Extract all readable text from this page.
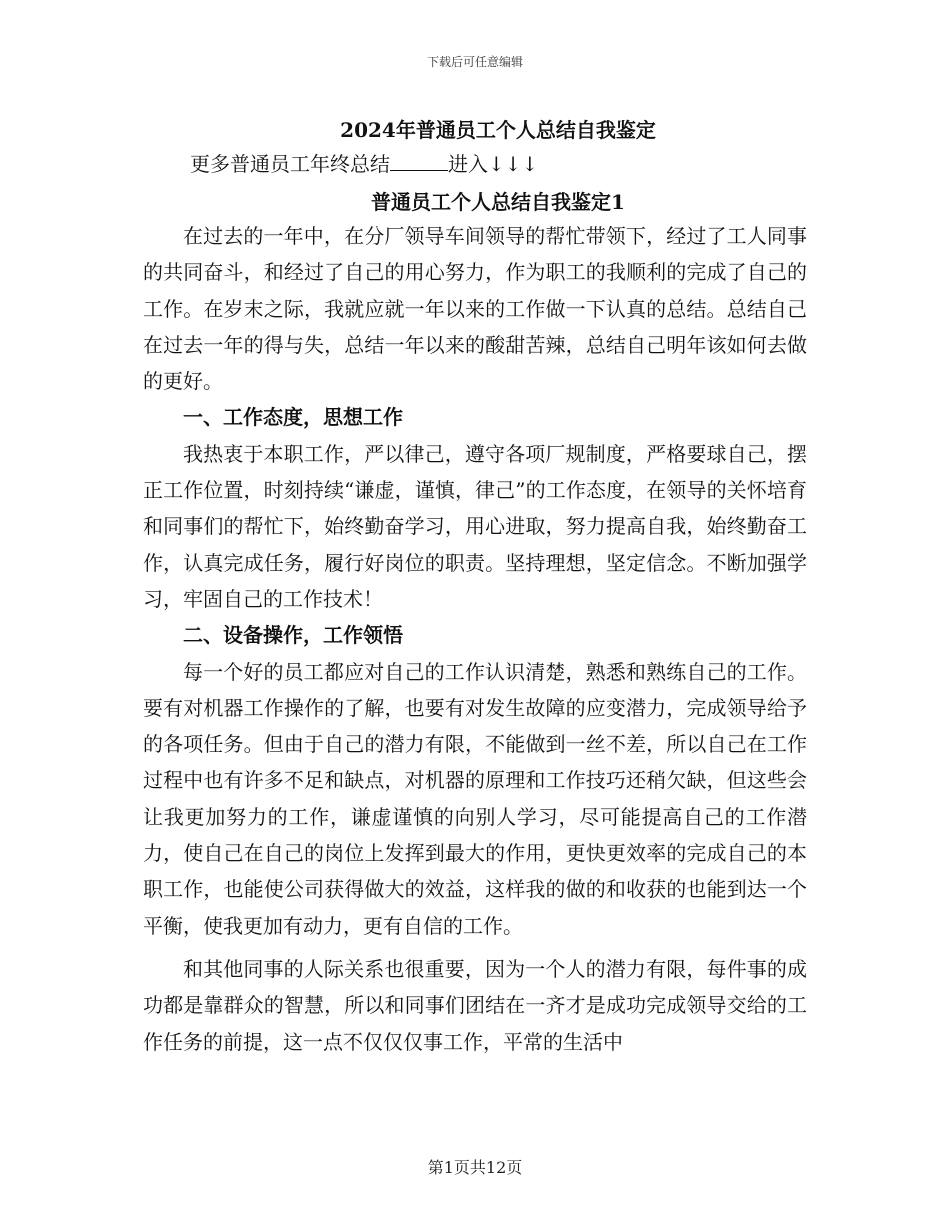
下载后可任意编辑
2024年普通员工个人总结自我鉴定
更多普通员工年终总结	进入↓↓↓
普通员工个人总结自我鉴定1

在过去的一年中，在分厂领导车间领导的帮忙带领下，经过了工人同事的共同奋斗，和经过了自己的用心努力，作为职工的我顺利的完成了自己的工作。在岁末之际，我就应就一年以来的工作做一下认真的总结。总结自己在过去一年的得与失，总结一年以来的酸甜苦辣，总结自己明年该如何去做的更好。

一、工作态度，思想工作

我热衷于本职工作，严以律己，遵守各项厂规制度，严格要球自己，摆正工作位置，时刻持续“谦虚，谨慎，律己”的工作态度，在领导的关怀培育和同事们的帮忙下，始终勤奋学习，用心进取，努力提高自我，始终勤奋工作，认真完成任务，履行好岗位的职责。坚持理想，坚定信念。不断加强学习，牢固自己的工作技术！

二、设备操作，工作领悟

每一个好的员工都应对自己的工作认识清楚，熟悉和熟练自己的工作。要有对机器工作操作的了解，也要有对发生故障的应变潜力，完成领导给予的各项任务。但由于自己的潜力有限，不能做到一丝不差，所以自己在工作过程中也有许多不足和缺点，对机器的原理和工作技巧还稍欠缺，但这些会让我更加努力的工作，谦虚谨慎的向别人学习，尽可能提高自己的工作潜力，使自己在自己的岗位上发挥到最大的作用，更快更效率的完成自己的本职工作，也能使公司获得做大的效益，这样我的做的和收获的也能到达一个平衡，使我更加有动力，更有自信的工作。

和其他同事的人际关系也很重要，因为一个人的潜力有限，每件事的成功都是靠群众的智慧，所以和同事们团结在一齐才是成功完成领导交给的工作任务的前提，这一点不仅仅仅事工作，平常的生活中

第1页共12页
